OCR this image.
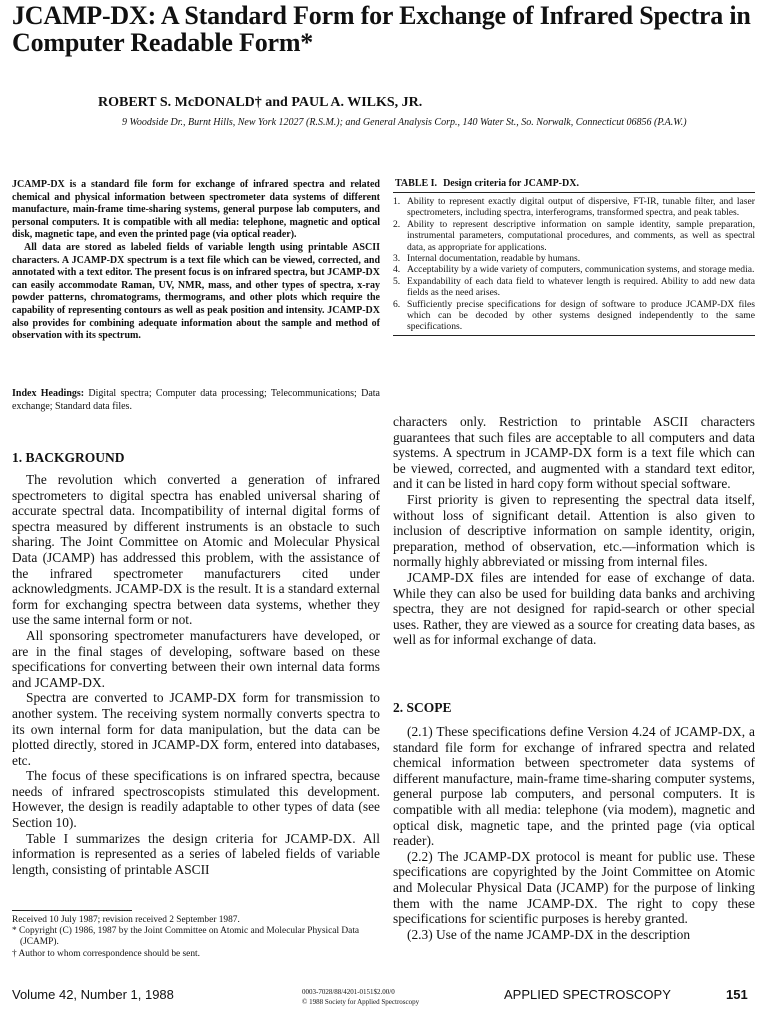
JCAMP-DX: A Standard Form for Exchange of Infrared Spectra in Computer Readable Form*

ROBERT S. McDONALD† and PAUL A. WILKS, JR.

9 Woodside Dr., Burnt Hills, New York 12027 (R.S.M.); and General Analysis Corp., 140 Water St., So. Norwalk, Connecticut 06856 (P.A.W.)

JCAMP-DX is a standard file form for exchange of infrared spectra and related chemical and physical information between spectrometer data systems of different manufacture, main-frame time-sharing systems, general purpose lab computers, and personal computers. It is compatible with all media: telephone, magnetic and optical disk, magnetic tape, and even the printed page (via optical reader).

All data are stored as labeled fields of variable length using printable ASCII characters. A JCAMP-DX spectrum is a text file which can be viewed, corrected, and annotated with a text editor. The present focus is on infrared spectra, but JCAMP-DX can easily accommodate Raman, UV, NMR, mass, and other types of spectra, x-ray powder patterns, chromatograms, thermograms, and other plots which require the capability of representing contours as well as peak position and intensity. JCAMP-DX also provides for combining adequate information about the sample and method of observation with its spectrum.

Index Headings: Digital spectra; Computer data processing; Telecommunications; Data exchange; Standard data files.

TABLE I. Design criteria for JCAMP-DX.

1. Ability to represent exactly digital output of dispersive, FT-IR, tunable filter, and laser spectrometers, including spectra, interferograms, transformed spectra, and peak tables.
2. Ability to represent descriptive information on sample identity, sample preparation, instrumental parameters, computational procedures, and comments, as well as spectral data, as appropriate for applications.
3. Internal documentation, readable by humans.
4. Acceptability by a wide variety of computers, communication systems, and storage media.
5. Expandability of each data field to whatever length is required. Ability to add new data fields as the need arises.
6. Sufficiently precise specifications for design of software to produce JCAMP-DX files which can be decoded by other systems designed independently to the same specifications.
1. BACKGROUND

The revolution which converted a generation of infrared spectrometers to digital spectra has enabled universal sharing of accurate spectral data. Incompatibility of internal digital forms of spectra measured by different instruments is an obstacle to such sharing. The Joint Committee on Atomic and Molecular Physical Data (JCAMP) has addressed this problem, with the assistance of the infrared spectrometer manufacturers cited under acknowledgments. JCAMP-DX is the result. It is a standard external form for exchanging spectra between data systems, whether they use the same internal form or not.

All sponsoring spectrometer manufacturers have developed, or are in the final stages of developing, software based on these specifications for converting between their own internal data forms and JCAMP-DX.

Spectra are converted to JCAMP-DX form for transmission to another system. The receiving system normally converts spectra to its own internal form for data manipulation, but the data can be plotted directly, stored in JCAMP-DX form, entered into databases, etc.

The focus of these specifications is on infrared spectra, because needs of infrared spectroscopists stimulated this development. However, the design is readily adaptable to other types of data (see Section 10).

Table I summarizes the design criteria for JCAMP-DX. All information is represented as a series of labeled fields of variable length, consisting of printable ASCII

characters only. Restriction to printable ASCII characters guarantees that such files are acceptable to all computers and data systems. A spectrum in JCAMP-DX form is a text file which can be viewed, corrected, and augmented with a standard text editor, and it can be listed in hard copy form without special software.

First priority is given to representing the spectral data itself, without loss of significant detail. Attention is also given to inclusion of descriptive information on sample identity, origin, preparation, method of observation, etc.—information which is normally highly abbreviated or missing from internal files.

JCAMP-DX files are intended for ease of exchange of data. While they can also be used for building data banks and archiving spectra, they are not designed for rapid-search or other special uses. Rather, they are viewed as a source for creating data bases, as well as for informal exchange of data.

2. SCOPE

(2.1) These specifications define Version 4.24 of JCAMP-DX, a standard file form for exchange of infrared spectra and related chemical information between spectrometer data systems of different manufacture, main-frame time-sharing computer systems, general purpose lab computers, and personal computers. It is compatible with all media: telephone (via modem), magnetic and optical disk, magnetic tape, and the printed page (via optical reader).

(2.2) The JCAMP-DX protocol is meant for public use. These specifications are copyrighted by the Joint Committee on Atomic and Molecular Physical Data (JCAMP) for the purpose of linking them with the name JCAMP-DX. The right to copy these specifications for scientific purposes is hereby granted.

(2.3) Use of the name JCAMP-DX in the description

Received 10 July 1987; revision received 2 September 1987.

* Copyright (C) 1986, 1987 by the Joint Committee on Atomic and Molecular Physical Data (JCAMP).

† Author to whom correspondence should be sent.

Volume 42, Number 1, 1988	0003-7028/88/4201-0151$2.00/0
© 1988 Society for Applied Spectroscopy	APPLIED SPECTROSCOPY	151
